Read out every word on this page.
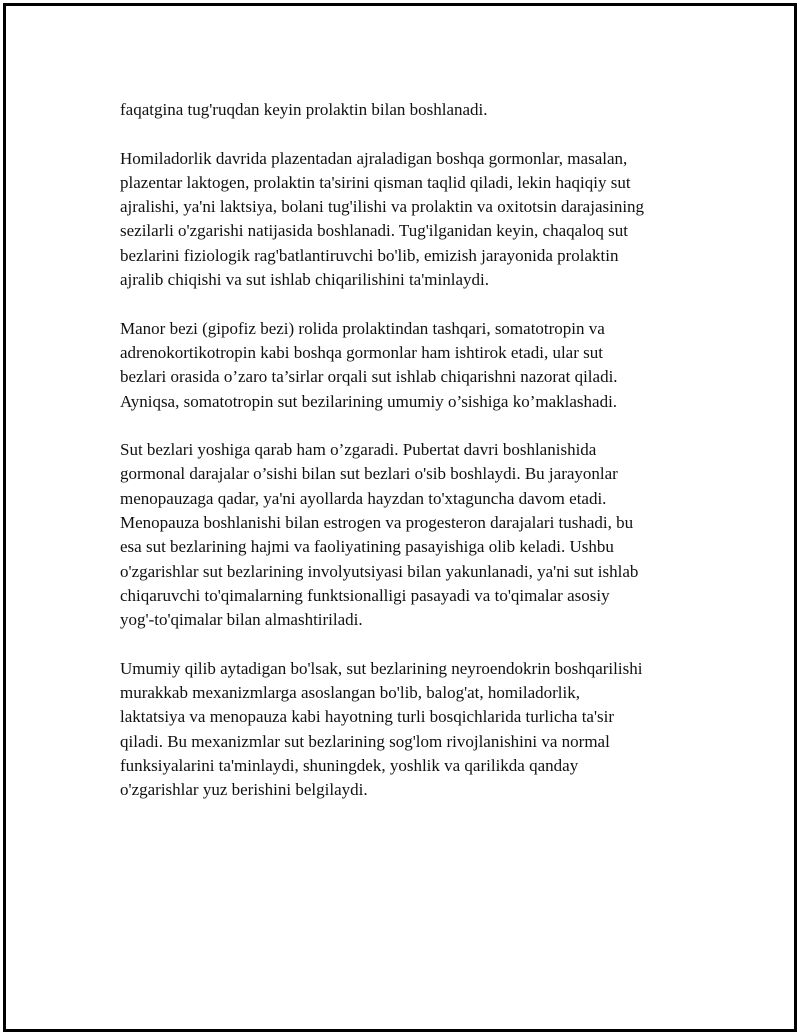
faqatgina tug'ruqdan keyin prolaktin bilan boshlanadi.

Homiladorlik davrida plazentadan ajraladigan boshqa gormonlar, masalan,
plazentar laktogen, prolaktin ta'sirini qisman taqlid qiladi, lekin haqiqiy sut
ajralishi, ya'ni laktsiya, bolani tug'ilishi va prolaktin va oxitotsin darajasining
sezilarli o'zgarishi natijasida boshlanadi. Tug'ilganidan keyin, chaqaloq sut
bezlarini fiziologik rag'batlantiruvchi bo'lib, emizish jarayonida prolaktin
ajralib chiqishi va sut ishlab chiqarilishini ta'minlaydi.

Manor bezi (gipofiz bezi) rolida prolaktindan tashqari, somatotropin va
adrenokortikotropin kabi boshqa gormonlar ham ishtirok etadi, ular sut
bezlari orasida o’zaro ta’sirlar orqali sut ishlab chiqarishni nazorat qiladi.
Ayniqsa, somatotropin sut bezilarining umumiy o’sishiga ko’maklashadi.

Sut bezlari yoshiga qarab ham o’zgaradi. Pubertat davri boshlanishida
gormonal darajalar o’sishi bilan sut bezlari o'sib boshlaydi. Bu jarayonlar
menopauzaga qadar, ya'ni ayollarda hayzdan to'xtaguncha davom etadi.
Menopauza boshlanishi bilan estrogen va progesteron darajalari tushadi, bu
esa sut bezlarining hajmi va faoliyatining pasayishiga olib keladi. Ushbu
o'zgarishlar sut bezlarining involyutsiyasi bilan yakunlanadi, ya'ni sut ishlab
chiqaruvchi to'qimalarning funktsionalligi pasayadi va to'qimalar asosiy
yog'-to'qimalar bilan almashtiriladi.

Umumiy qilib aytadigan bo'lsak, sut bezlarining neyroendokrin boshqarilishi
murakkab mexanizmlarga asoslangan bo'lib, balog'at, homiladorlik,
laktatsiya va menopauza kabi hayotning turli bosqichlarida turlicha ta'sir
qiladi. Bu mexanizmlar sut bezlarining sog'lom rivojlanishini va normal
funksiyalarini ta'minlaydi, shuningdek, yoshlik va qarilikda qanday
o'zgarishlar yuz berishini belgilaydi.
